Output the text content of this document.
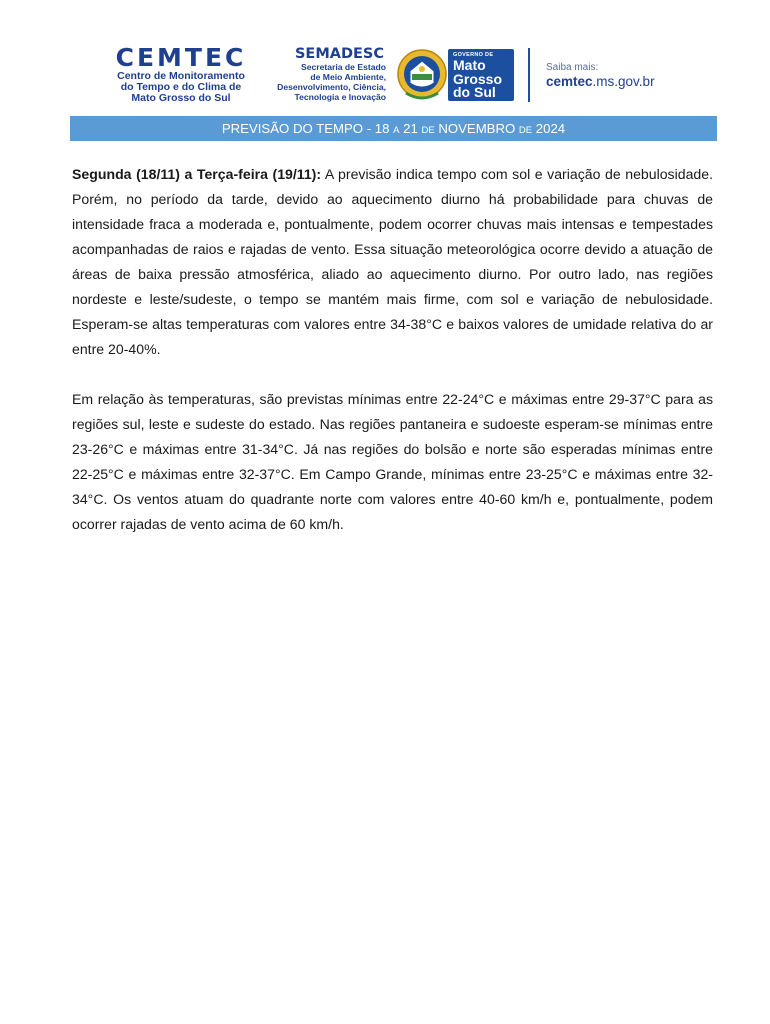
CEMTEC
Centro de Monitoramento
do Tempo e do Clima de
Mato Grosso do Sul
SEMADESC
Secretaria de Estado
de Meio Ambiente,
Desenvolvimento, Ciência,
Tecnologia e Inovação
GOVERNO DE
Mato
Grosso
do Sul
Saiba mais:
cemtec.ms.gov.br
PREVISÃO DO TEMPO - 18 A 21 DE NOVEMBRO DE 2024

Segunda (18/11) a Terça-feira (19/11): A previsão indica tempo com sol e variação de nebulosidade. Porém, no período da tarde, devido ao aquecimento diurno há probabilidade para chuvas de intensidade fraca a moderada e, pontualmente, podem ocorrer chuvas mais intensas e tempestades acompanhadas de raios e rajadas de vento. Essa situação meteorológica ocorre devido a atuação de áreas de baixa pressão atmosférica, aliado ao aquecimento diurno. Por outro lado, nas regiões nordeste e leste/sudeste, o tempo se mantém mais firme, com sol e variação de nebulosidade. Esperam-se altas temperaturas com valores entre 34-38°C e baixos valores de umidade relativa do ar entre 20-40%.

Em relação às temperaturas, são previstas mínimas entre 22-24°C e máximas entre 29-37°C para as regiões sul, leste e sudeste do estado. Nas regiões pantaneira e sudoeste esperam-se mínimas entre 23-26°C e máximas entre 31-34°C. Já nas regiões do bolsão e norte são esperadas mínimas entre 22-25°C e máximas entre 32-37°C. Em Campo Grande, mínimas entre 23-25°C e máximas entre 32-34°C. Os ventos atuam do quadrante norte com valores entre 40-60 km/h e, pontualmente, podem ocorrer rajadas de vento acima de 60 km/h.
